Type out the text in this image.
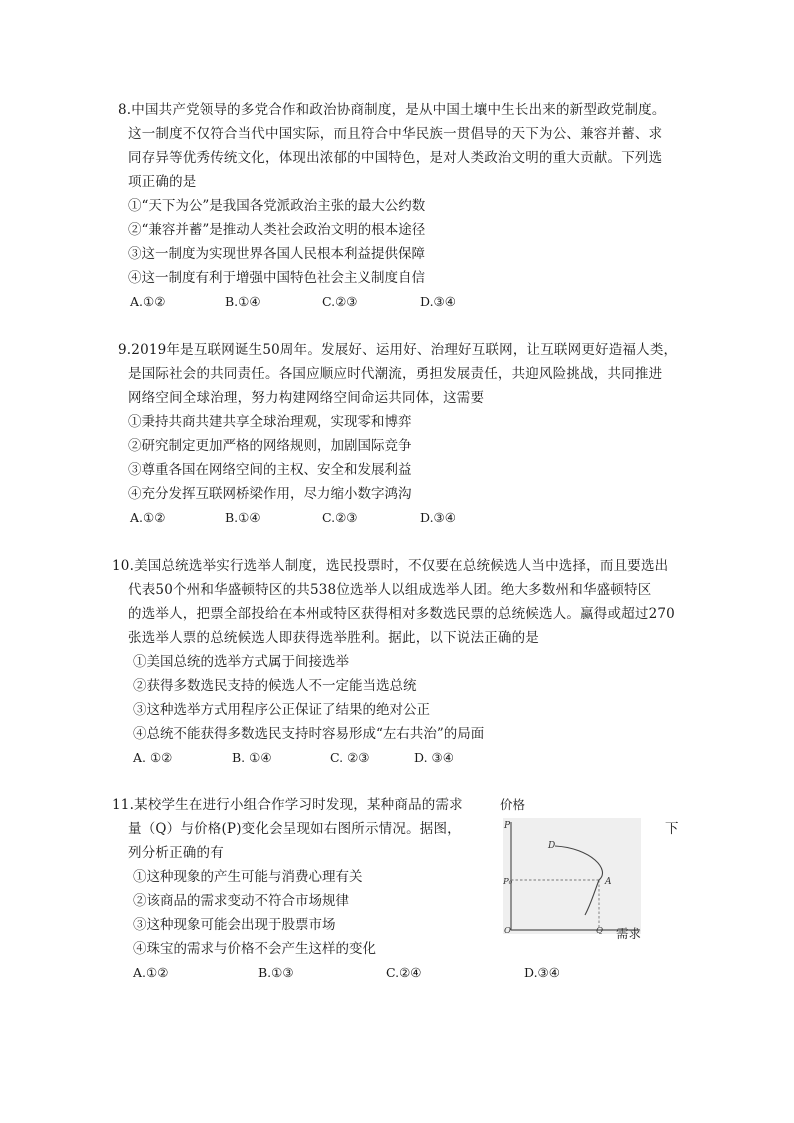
8.中国共产党领导的多党合作和政治协商制度，是从中国土壤中生长出来的新型政党制度。
这一制度不仅符合当代中国实际，而且符合中华民族一贯倡导的天下为公、兼容并蓄、求
同存异等优秀传统文化，体现出浓郁的中国特色，是对人类政治文明的重大贡献。下列选
项正确的是
①“天下为公”是我国各党派政治主张的最大公约数
②“兼容并蓄”是推动人类社会政治文明的根本途径
③这一制度为实现世界各国人民根本利益提供保障
④这一制度有利于增强中国特色社会主义制度自信
A.①②	B.①④	C.②③	D.③④
9.2019年是互联网诞生50周年。发展好、运用好、治理好互联网，让互联网更好造福人类，
是国际社会的共同责任。各国应顺应时代潮流，勇担发展责任，共迎风险挑战，共同推进
网络空间全球治理，努力构建网络空间命运共同体，这需要
①秉持共商共建共享全球治理观，实现零和博弈
②研究制定更加严格的网络规则，加剧国际竞争
③尊重各国在网络空间的主权、安全和发展利益
④充分发挥互联网桥梁作用，尽力缩小数字鸿沟
A.①②	B.①④	C.②③	D.③④
10.美国总统选举实行选举人制度，选民投票时，不仅要在总统候选人当中选择，而且要选出
代表50个州和华盛顿特区的共538位选举人以组成选举人团。绝大多数州和华盛顿特区
的选举人，把票全部投给在本州或特区获得相对多数选民票的总统候选人。赢得或超过270
张选举人票的总统候选人即获得选举胜利。据此，以下说法正确的是
①美国总统的选举方式属于间接选举
②获得多数选民支持的候选人不一定能当选总统
③这种选举方式用程序公正保证了结果的绝对公正
④总统不能获得多数选民支持时容易形成“左右共治”的局面
A. ①②	B. ①④	C. ②③	D. ③④
11.某校学生在进行小组合作学习时发现，某种商品的需求
量（Q）与价格(P)变化会呈现如右图所示情况。据图，	下
列分析正确的有
①这种现象的产生可能与消费心理有关
②该商品的需求变动不符合市场规律
③这种现象可能会出现于股票市场
④珠宝的需求与价格不会产生这样的变化
A.①②	B.①③	C.②④	D.③④
价格
P
P₀
D
A
O	Q 需求
